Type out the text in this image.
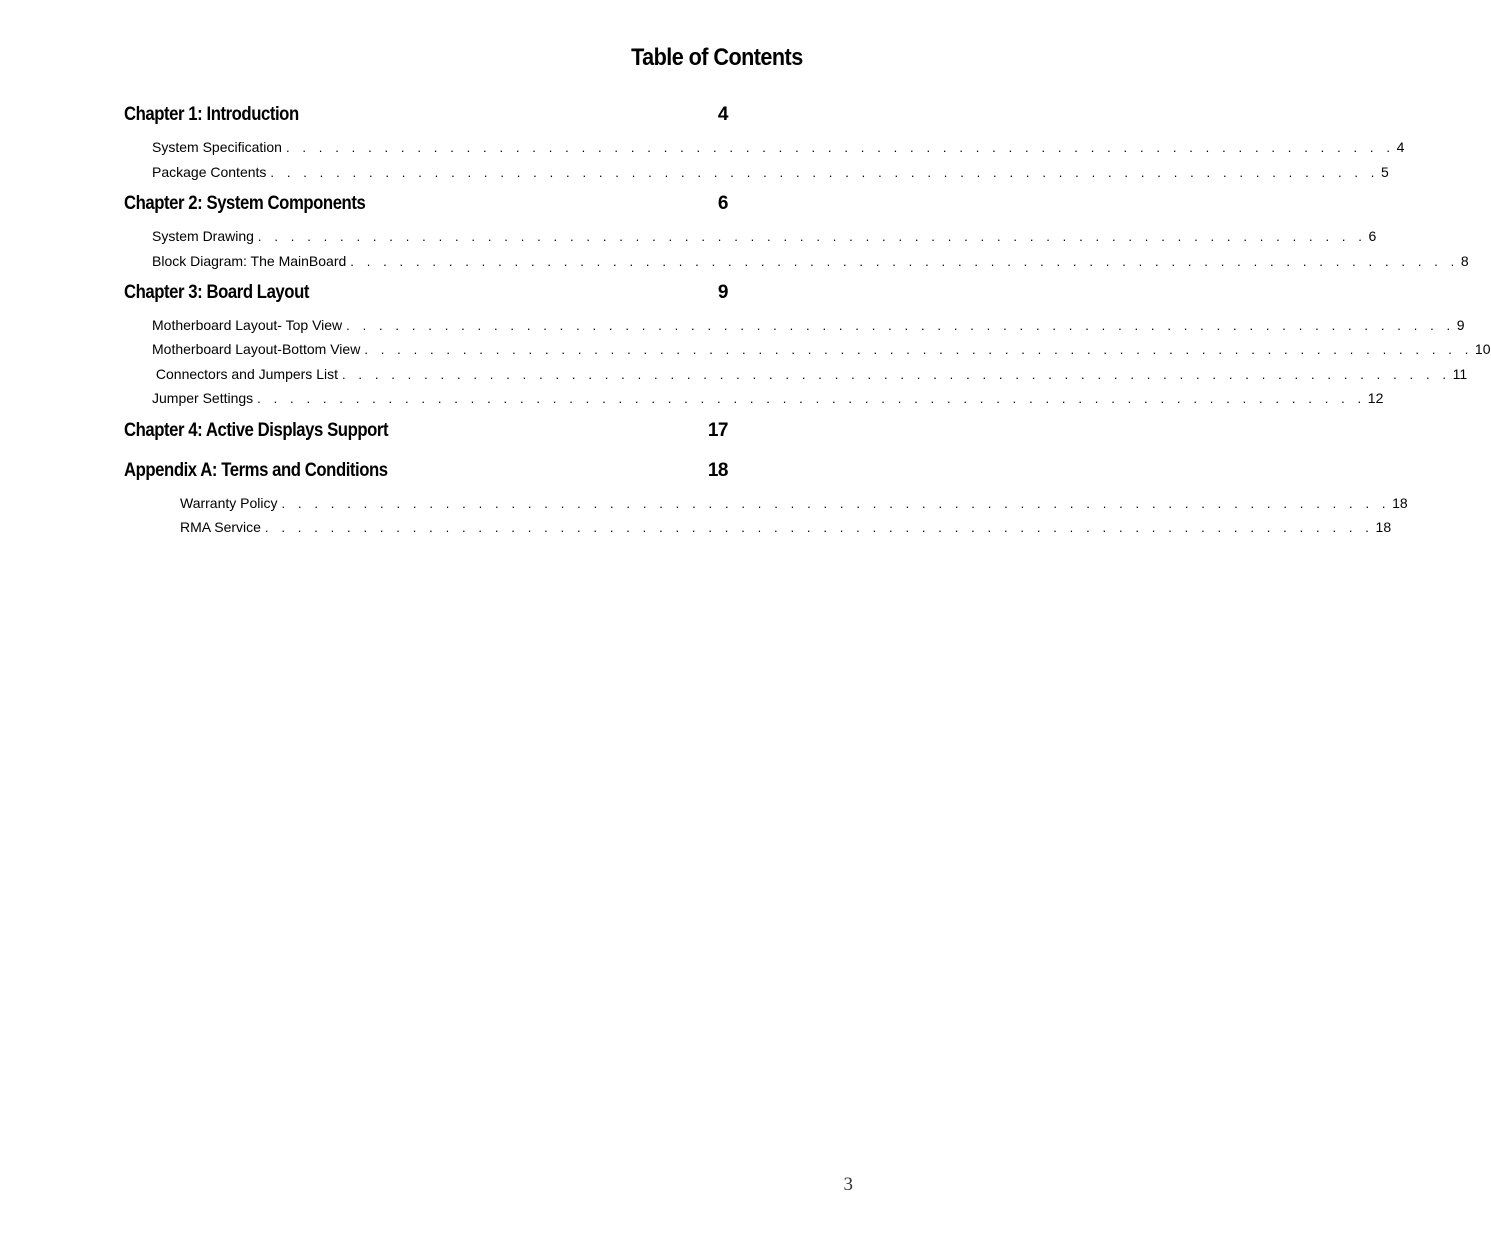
Table of Contents
Chapter 1: Introduction	4
System Specification . . . . . . . . . . . . . . . . . . . . . . . . . . . . . . . . . . . . . . . . . . . . . . . . . . . . . . . . . . . . . . . . . . . . 4
Package Contents . . . . . . . . . . . . . . . . . . . . . . . . . . . . . . . . . . . . . . . . . . . . . . . . . . . . . . . . . . . . . . . . . . . . 5
Chapter 2: System Components	6
System Drawing . . . . . . . . . . . . . . . . . . . . . . . . . . . . . . . . . . . . . . . . . . . . . . . . . . . . . . . . . . . . . . . . . . . . 6
Block Diagram: The MainBoard . . . . . . . . . . . . . . . . . . . . . . . . . . . . . . . . . . . . . . . . . . . . . . . . . . . . . . . . . . . . . . . . . . . . 8
Chapter 3: Board Layout	9
Motherboard Layout- Top View . . . . . . . . . . . . . . . . . . . . . . . . . . . . . . . . . . . . . . . . . . . . . . . . . . . . . . . . . . . . . . . . . . . . 9
Motherboard Layout-Bottom View . . . . . . . . . . . . . . . . . . . . . . . . . . . . . . . . . . . . . . . . . . . . . . . . . . . . . . . . . . . . . . . . . . . . 10
Connectors and Jumpers List . . . . . . . . . . . . . . . . . . . . . . . . . . . . . . . . . . . . . . . . . . . . . . . . . . . . . . . . . . . . . . . . . . . . 11
Jumper Settings . . . . . . . . . . . . . . . . . . . . . . . . . . . . . . . . . . . . . . . . . . . . . . . . . . . . . . . . . . . . . . . . . . . . 12
Chapter 4: Active Displays Support	17
Appendix A: Terms and Conditions	18
Warranty Policy . . . . . . . . . . . . . . . . . . . . . . . . . . . . . . . . . . . . . . . . . . . . . . . . . . . . . . . . . . . . . . . . . . . . 18
RMA Service . . . . . . . . . . . . . . . . . . . . . . . . . . . . . . . . . . . . . . . . . . . . . . . . . . . . . . . . . . . . . . . . . . . . 18
3
